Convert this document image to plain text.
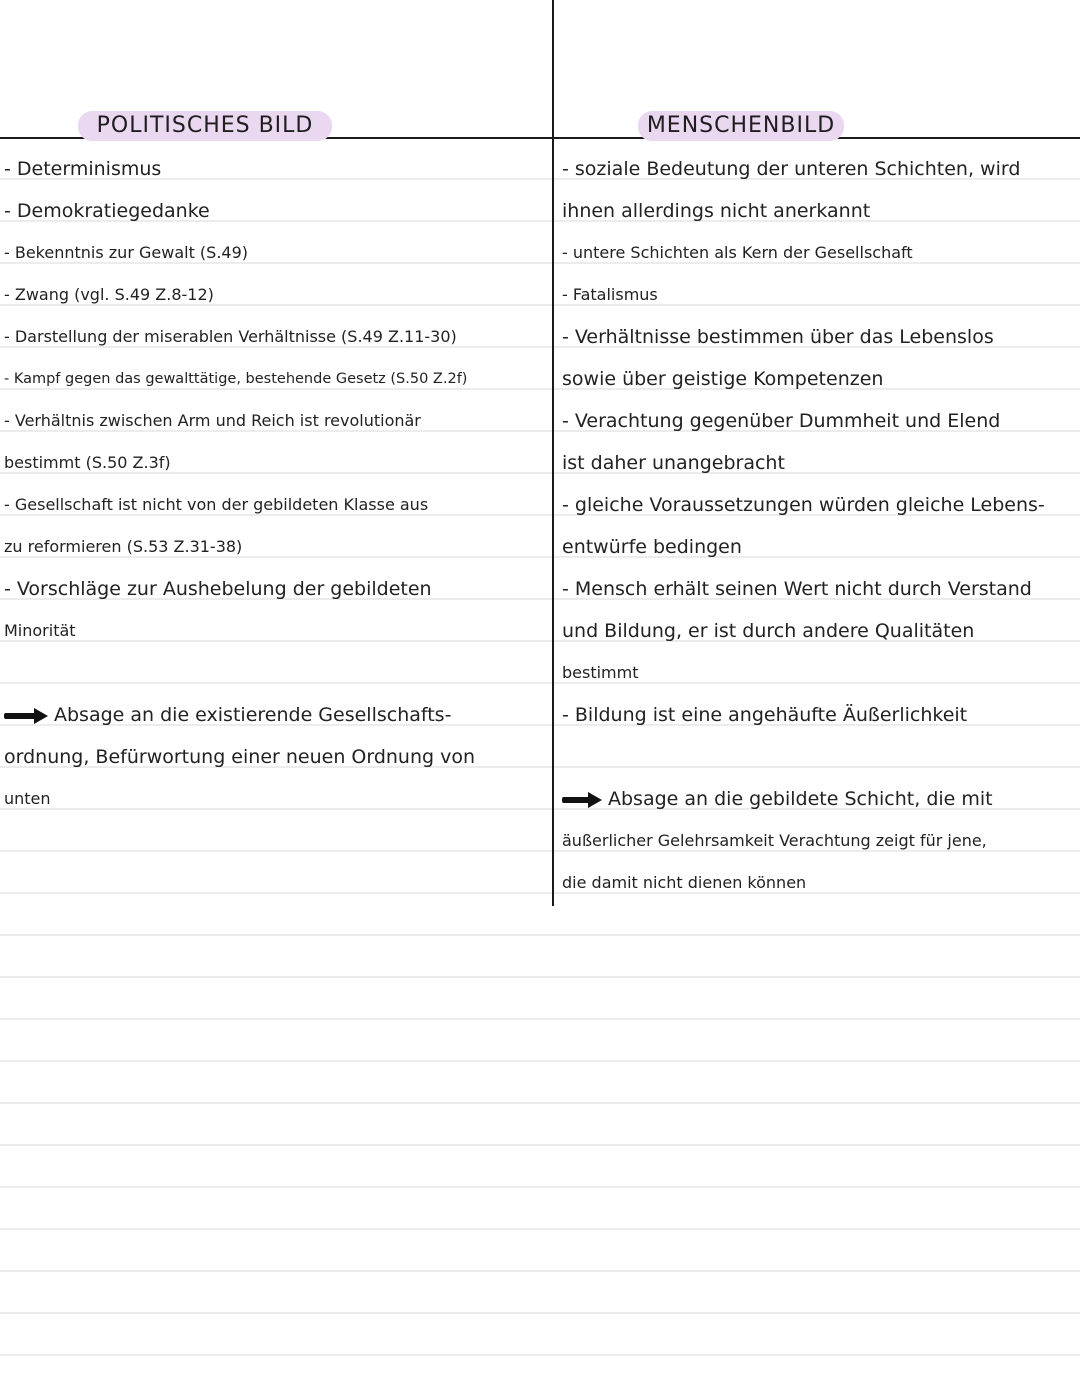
POLITISCHES BILD	MENSCHENBILD
- Determinismus
- Demokratiegedanke
- Bekenntnis zur Gewalt (S.49)
- Zwang (vgl. S.49 Z.8-12)
- Darstellung der miserablen Verhältnisse (S.49 Z.11-30)
- Kampf gegen das gewalttätige, bestehende Gesetz (S.50 Z.2f)
- Verhältnis zwischen Arm und Reich ist revolutionär
bestimmt (S.50 Z.3f)
- Gesellschaft ist nicht von der gebildeten Klasse aus
zu reformieren (S.53 Z.31-38)
- Vorschläge zur Aushebelung der gebildeten
Minorität
Absage an die existierende Gesellschafts-
ordnung, Befürwortung einer neuen Ordnung von
unten
- soziale Bedeutung der unteren Schichten, wird
ihnen allerdings nicht anerkannt
- untere Schichten als Kern der Gesellschaft
- Fatalismus
- Verhältnisse bestimmen über das Lebenslos
sowie über geistige Kompetenzen
- Verachtung gegenüber Dummheit und Elend
ist daher unangebracht
- gleiche Voraussetzungen würden gleiche Lebens-
entwürfe bedingen
- Mensch erhält seinen Wert nicht durch Verstand
und Bildung, er ist durch andere Qualitäten
bestimmt
- Bildung ist eine angehäufte Äußerlichkeit
Absage an die gebildete Schicht, die mit
äußerlicher Gelehrsamkeit Verachtung zeigt für jene,
die damit nicht dienen können
